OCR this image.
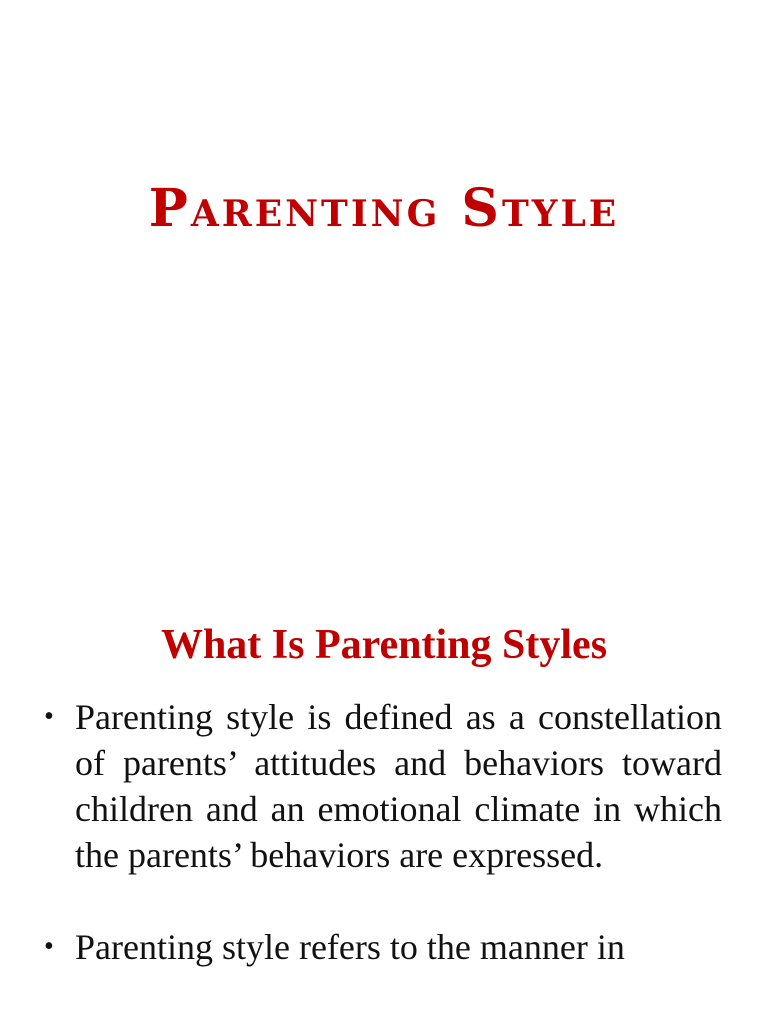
Parenting Style
What Is Parenting Styles
• Parenting style is defined as a constellation of parents’ attitudes and behaviors toward children and an emotional climate in which the parents’ behaviors are expressed.
• Parenting style refers to the manner in
